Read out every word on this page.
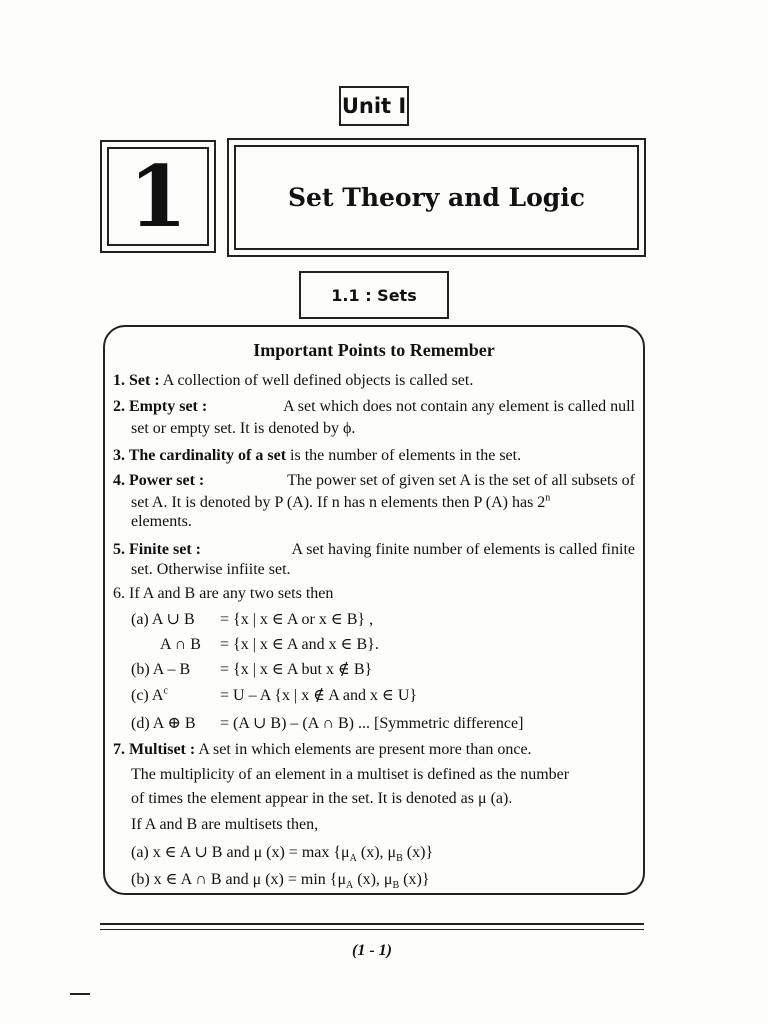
Unit I
1	Set Theory and Logic
1.1 : Sets
Important Points to Remember
1. Set : A collection of well defined objects is called set.
2. Empty set :	A set which does not contain any element is called null
set or empty set. It is denoted by ϕ.
3. The cardinality of a set is the number of elements in the set.
4. Power set :	The power set of given set A is the set of all subsets of
set A. It is denoted by P (A). If n has n elements then P (A) has 2$^n$
elements.
5. Finite set :	A set having finite number of elements is called finite
set. Otherwise infiite set.
6. If A and B are any two sets then
(a) A ∪ B = {x | x ∈ A or x ∈ B} ,
A ∩ B = {x | x ∈ A and x ∈ B}.
(b) A – B = {x | x ∈ A but x ∉ B}
(c) $A^c$	= U – A {x | x ∉ A and x ∈ U}
(d) A ⊕ B = (A ∪ B) – (A ∩ B) ... [Symmetric difference]
7. Multiset : A set in which elements are present more than once.
The multiplicity of an element in a multiset is defined as the number
of times the element appear in the set. It is denoted as μ (a).
If A and B are multisets then,
(a) x ∈ A ∪ B and μ $(x) = \max \{\mu_A$ (x), $\mu_B$ (x)}
(b) x ∈ A ∩ B and μ $(x) = \min \{\mu_A$ (x), $\mu_B$ (x)}
(1 - 1)
